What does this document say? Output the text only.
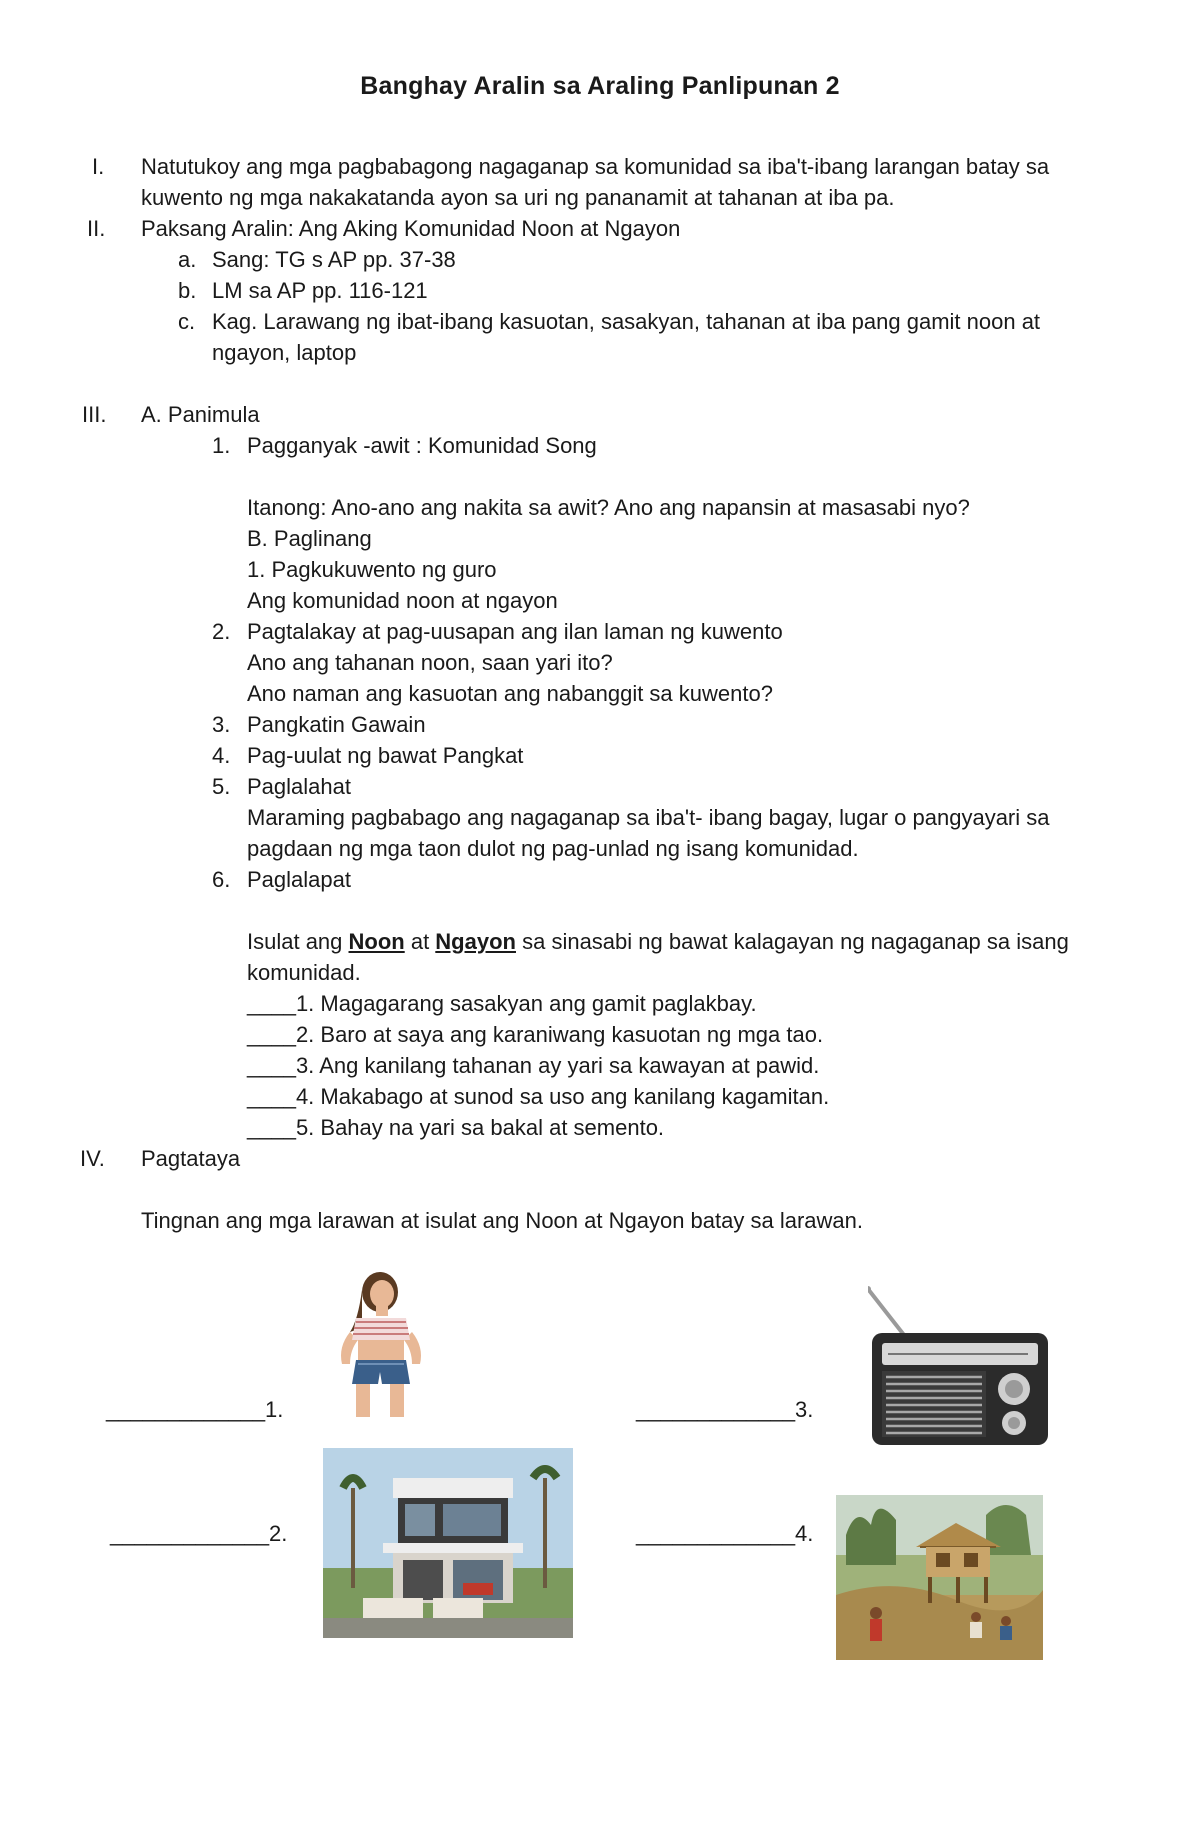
Banghay Aralin sa Araling Panlipunan 2
I. Natutukoy ang mga pagbabagong nagaganap sa komunidad sa iba't-ibang larangan batay sa
kuwento ng mga nakakatanda ayon sa uri ng pananamit at tahanan at iba pa.
II. Paksang Aralin: Ang Aking Komunidad Noon at Ngayon
a. Sang: TG s AP pp. 37-38
b. LM sa AP pp. 116-121
c. Kag. Larawang ng ibat-ibang kasuotan, sasakyan, tahanan at iba pang gamit noon at
ngayon, laptop
III. A. Panimula
1. Pagganyak -awit : Komunidad Song
Itanong: Ano-ano ang nakita sa awit? Ano ang napansin at masasabi nyo?
B. Paglinang
1. Pagkukuwento ng guro
Ang komunidad noon at ngayon
2. Pagtalakay at pag-uusapan ang ilan laman ng kuwento
Ano ang tahanan noon, saan yari ito?
Ano naman ang kasuotan ang nabanggit sa kuwento?
3. Pangkatin Gawain
4. Pag-uulat ng bawat Pangkat
5. Paglalahat
Maraming pagbabago ang nagaganap sa iba't- ibang bagay, lugar o pangyayari sa
pagdaan ng mga taon dulot ng pag-unlad ng isang komunidad.
6. Paglalapat
Isulat ang Noon at Ngayon sa sinasabi ng bawat kalagayan ng nagaganap sa isang
komunidad.
____1. Magagarang sasakyan ang gamit paglakbay.
____2. Baro at saya ang karaniwang kasuotan ng mga tao.
____3. Ang kanilang tahanan ay yari sa kawayan at pawid.
____4. Makabago at sunod sa uso ang kanilang kagamitan.
____5. Bahay na yari sa bakal at semento.
IV. Pagtataya
Tingnan ang mga larawan at isulat ang Noon at Ngayon batay sa larawan.
_____________1.
_____________2.
_____________3.
_____________4.
